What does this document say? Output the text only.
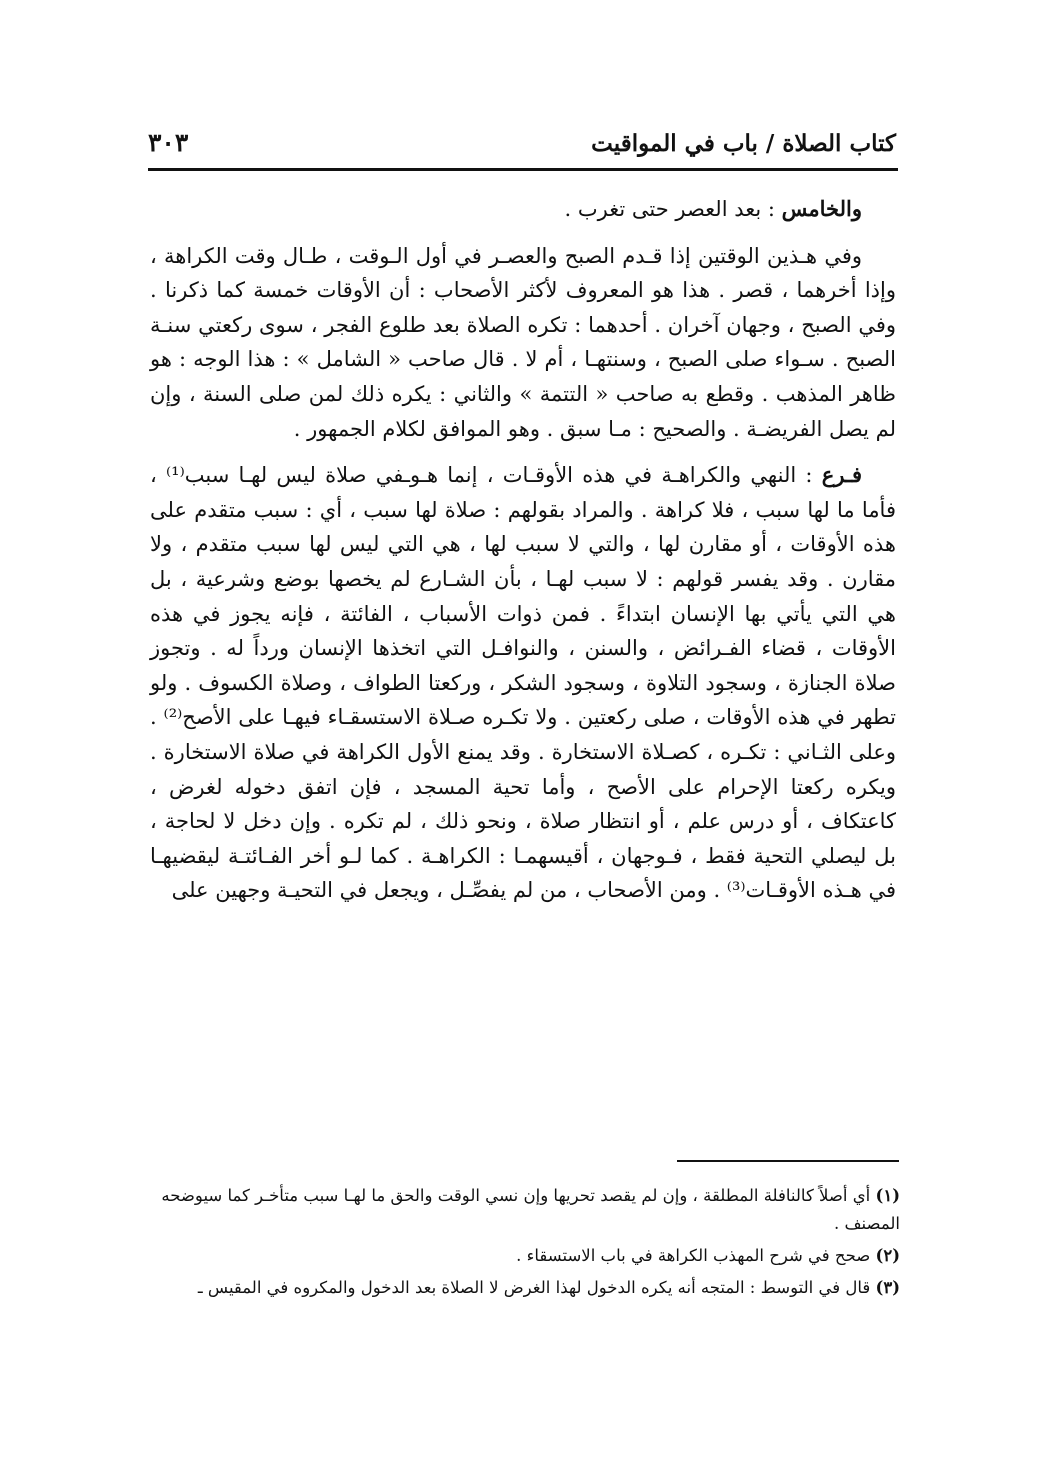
كتاب الصلاة / باب في المواقيت
٣٠٣

والخامس : بعد العصر حتى تغرب .

وفي هـذين الوقتين إذا قـدم الصبح والعصـر في أول الـوقت ، طـال وقت الكراهة ، وإذا أخرهما ، قصر . هذا هو المعروف لأكثر الأصحاب : أن الأوقات خمسة كما ذكرنا . وفي الصبح ، وجهان آخران . أحدهما : تكره الصلاة بعد طلوع الفجر ، سوى ركعتي سنـة الصبح . سـواء صلى الصبح ، وسنتهـا ، أم لا . قال صاحب « الشامل » : هذا الوجه : هو ظاهر المذهب . وقطع به صاحب « التتمة » والثاني : يكره ذلك لمن صلى السنة ، وإن لم يصل الفريضـة . والصحيح : مـا سبق . وهو الموافق لكلام الجمهور .

فـرع : النهي والكراهـة في هذه الأوقـات ، إنما هـوـفي صلاة ليس لهـا سبب⁽¹⁾ ، فأما ما لها سبب ، فلا كراهة . والمراد بقولهم : صلاة لها سبب ، أي : سبب متقدم على هذه الأوقات ، أو مقارن لها ، والتي لا سبب لها ، هي التي ليس لها سبب متقدم ، ولا مقارن . وقد يفسر قولهم : لا سبب لهـا ، بأن الشـارع لم يخصها بوضع وشرعية ، بل هي التي يأتي بها الإنسان ابتداءً . فمن ذوات الأسباب ، الفائتة ، فإنه يجوز في هذه الأوقات ، قضاء الفـرائض ، والسنن ، والنوافـل التي اتخذها الإنسان ورداً له . وتجوز صلاة الجنازة ، وسجود التلاوة ، وسجود الشكر ، وركعتا الطواف ، وصلاة الكسوف . ولو تطهر في هذه الأوقات ، صلى ركعتين . ولا تكـره صـلاة الاستسقـاء فيهـا على الأصح⁽²⁾ . وعلى الثـاني : تكـره ، كصـلاة الاستخارة . وقد يمنع الأول الكراهة في صلاة الاستخارة . ويكره ركعتا الإحرام على الأصح ، وأما تحية المسجد ، فإن اتفق دخوله لغرض ، كاعتكاف ، أو درس علم ، أو انتظار صلاة ، ونحو ذلك ، لم تكره . وإن دخل لا لحاجة ، بل ليصلي التحية فقط ، فـوجهان ، أقيسهمـا : الكراهـة . كما لـو أخر الفـائتـة ليقضيهـا في هـذه الأوقـات⁽³⁾ . ومن الأصحاب ، من لم يفصِّـل ، ويجعل في التحيـة وجهين على

(١) أي أصلاً كالنافلة المطلقة ، وإن لم يقصد تحريها وإن نسي الوقت والحق ما لهـا سبب متأخـر كما سيوضحه المصنف .

(٢) صحح في شرح المهذب الكراهة في باب الاستسقاء .

(٣) قال في التوسط : المتجه أنه يكره الدخول لهذا الغرض لا الصلاة بعد الدخول والمكروه في المقيس ـ
